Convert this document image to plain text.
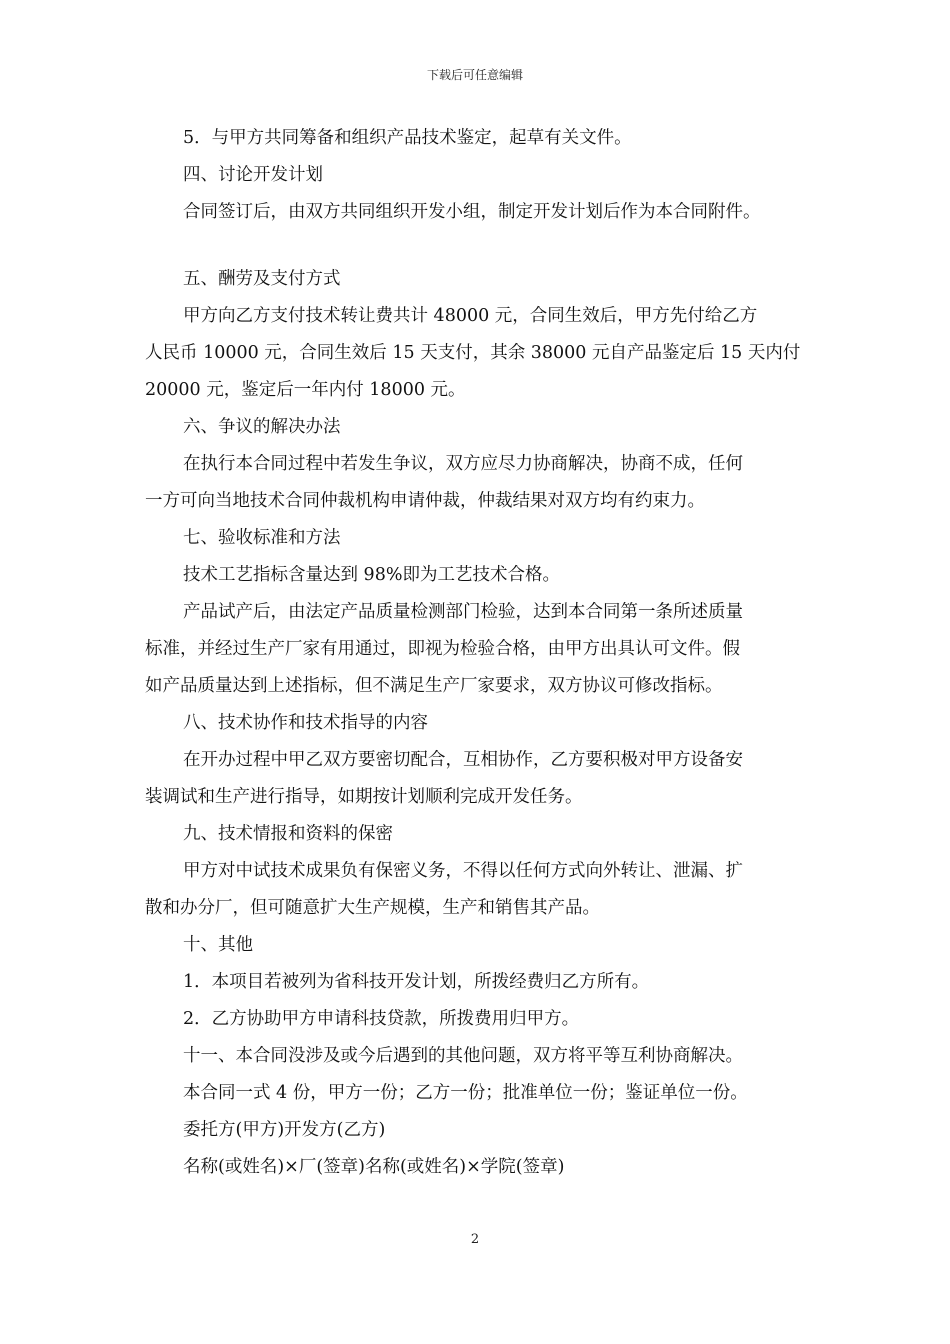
下载后可任意编辑

5．与甲方共同筹备和组织产品技术鉴定，起草有关文件。

四、讨论开发计划

合同签订后，由双方共同组织开发小组，制定开发计划后作为本合同附件。

五、酬劳及支付方式

甲方向乙方支付技术转让费共计 48000 元，合同生效后，甲方先付给乙方

人民币 10000 元，合同生效后 15 天支付，其余 38000 元自产品鉴定后 15 天内付

20000 元，鉴定后一年内付 18000 元。

六、争议的解决办法

在执行本合同过程中若发生争议，双方应尽力协商解决，协商不成，任何

一方可向当地技术合同仲裁机构申请仲裁，仲裁结果对双方均有约束力。

七、验收标准和方法

技术工艺指标含量达到 98%即为工艺技术合格。

产品试产后，由法定产品质量检测部门检验，达到本合同第一条所述质量

标准，并经过生产厂家有用通过，即视为检验合格，由甲方出具认可文件。假

如产品质量达到上述指标，但不满足生产厂家要求，双方协议可修改指标。

八、技术协作和技术指导的内容

在开办过程中甲乙双方要密切配合，互相协作，乙方要积极对甲方设备安

装调试和生产进行指导，如期按计划顺利完成开发任务。

九、技术情报和资料的保密

甲方对中试技术成果负有保密义务，不得以任何方式向外转让、泄漏、扩

散和办分厂，但可随意扩大生产规模，生产和销售其产品。

十、其他

1．本项目若被列为省科技开发计划，所拨经费归乙方所有。

2．乙方协助甲方申请科技贷款，所拨费用归甲方。

十一、本合同没涉及或今后遇到的其他问题，双方将平等互利协商解决。

本合同一式 4 份，甲方一份；乙方一份；批准单位一份；鉴证单位一份。

委托方(甲方)开发方(乙方)

名称(或姓名)×厂(签章)名称(或姓名)×学院(签章)

2
